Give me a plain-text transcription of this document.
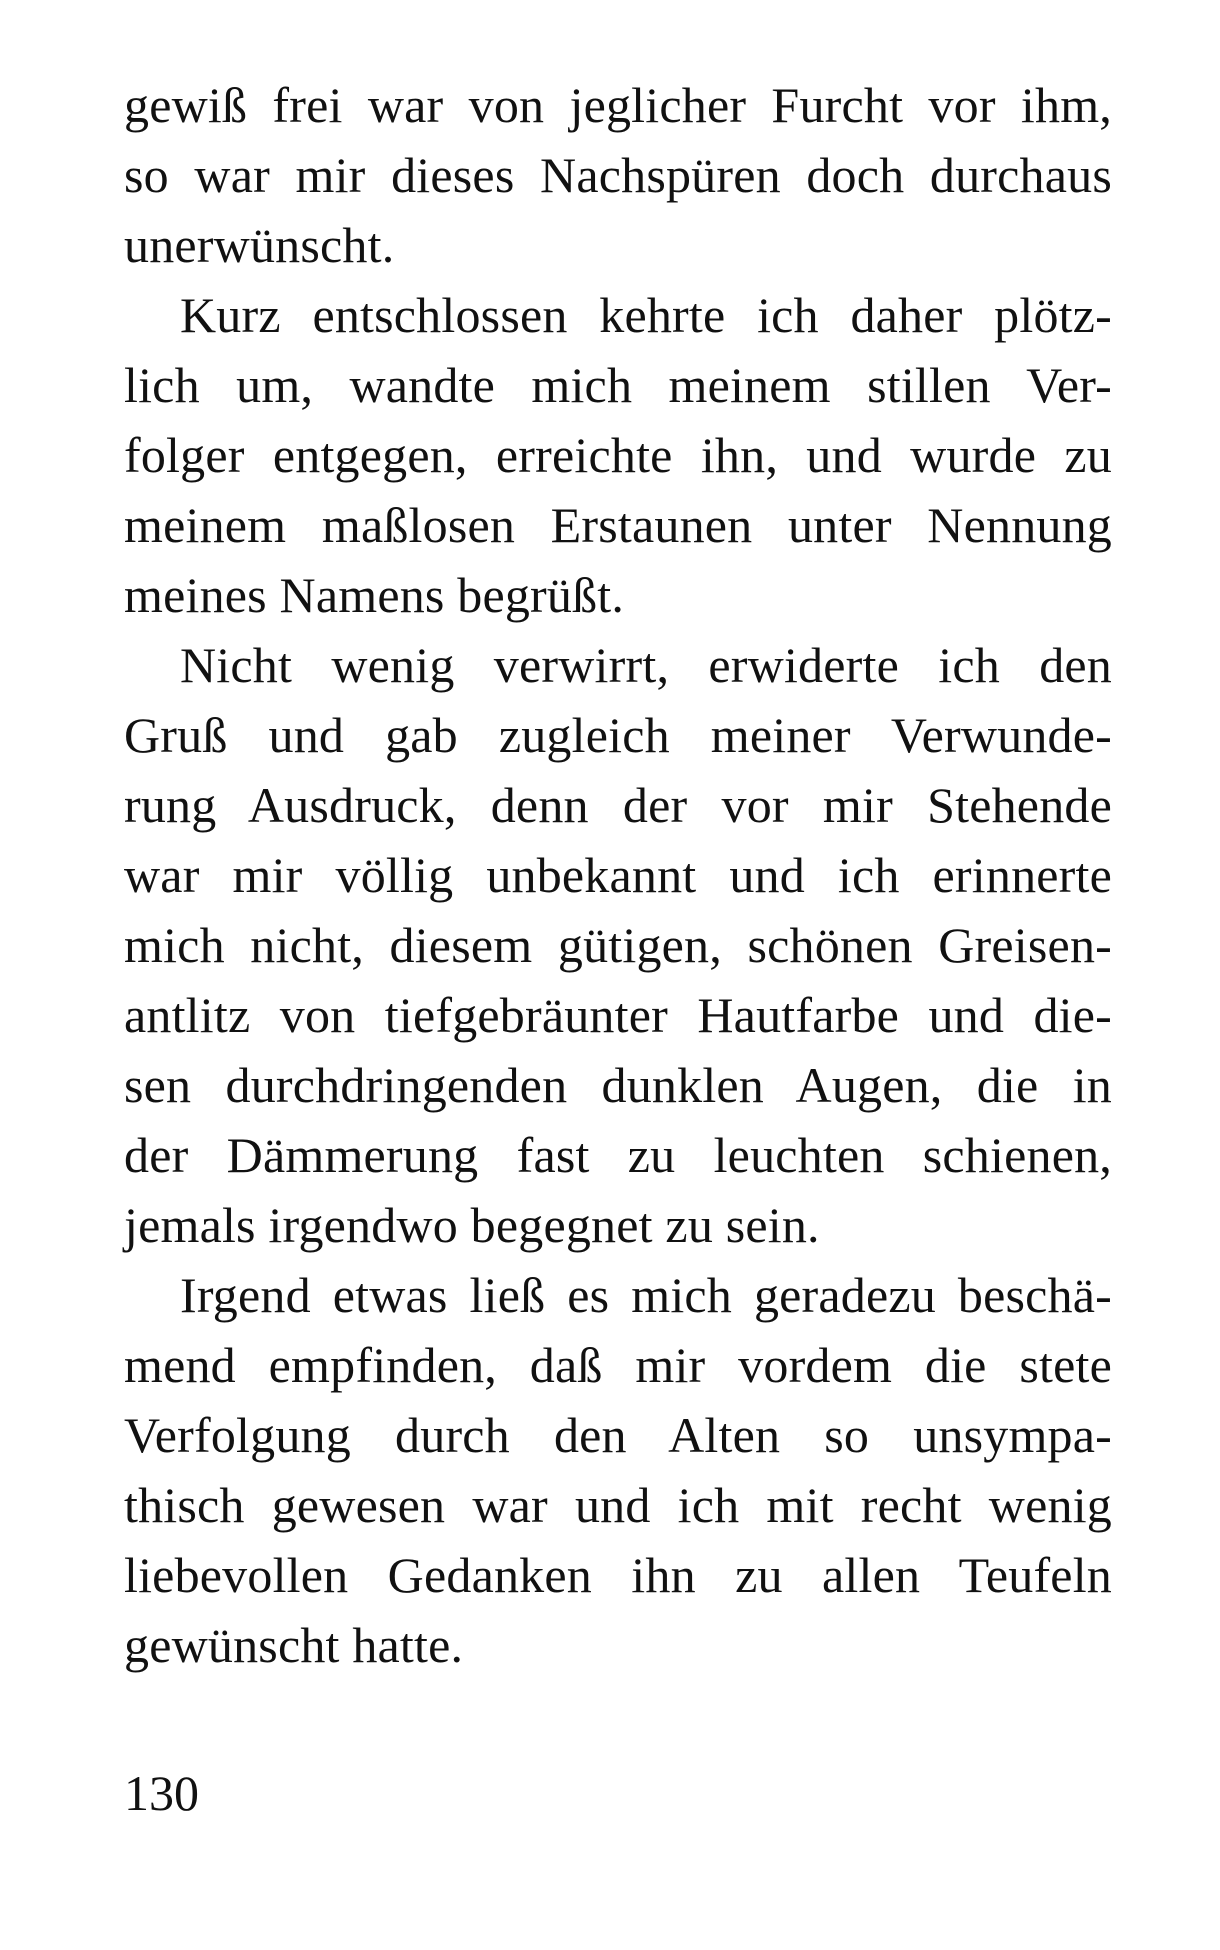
gewiß frei war von jeglicher Furcht vor ihm,
so war mir dieses Nachspüren doch durchaus
unerwünscht.
Kurz entschlossen kehrte ich daher plötz-
lich um, wandte mich meinem stillen Ver-
folger entgegen, erreichte ihn, und wurde zu
meinem maßlosen Erstaunen unter Nennung
meines Namens begrüßt.
Nicht wenig verwirrt, erwiderte ich den
Gruß und gab zugleich meiner Verwunde-
rung Ausdruck, denn der vor mir Stehende
war mir völlig unbekannt und ich erinnerte
mich nicht, diesem gütigen, schönen Greisen-
antlitz von tiefgebräunter Hautfarbe und die-
sen durchdringenden dunklen Augen, die in
der Dämmerung fast zu leuchten schienen,
jemals irgendwo begegnet zu sein.
Irgend etwas ließ es mich geradezu beschä-
mend empfinden, daß mir vordem die stete
Verfolgung durch den Alten so unsympa-
thisch gewesen war und ich mit recht wenig
liebevollen Gedanken ihn zu allen Teufeln
gewünscht hatte.
130
